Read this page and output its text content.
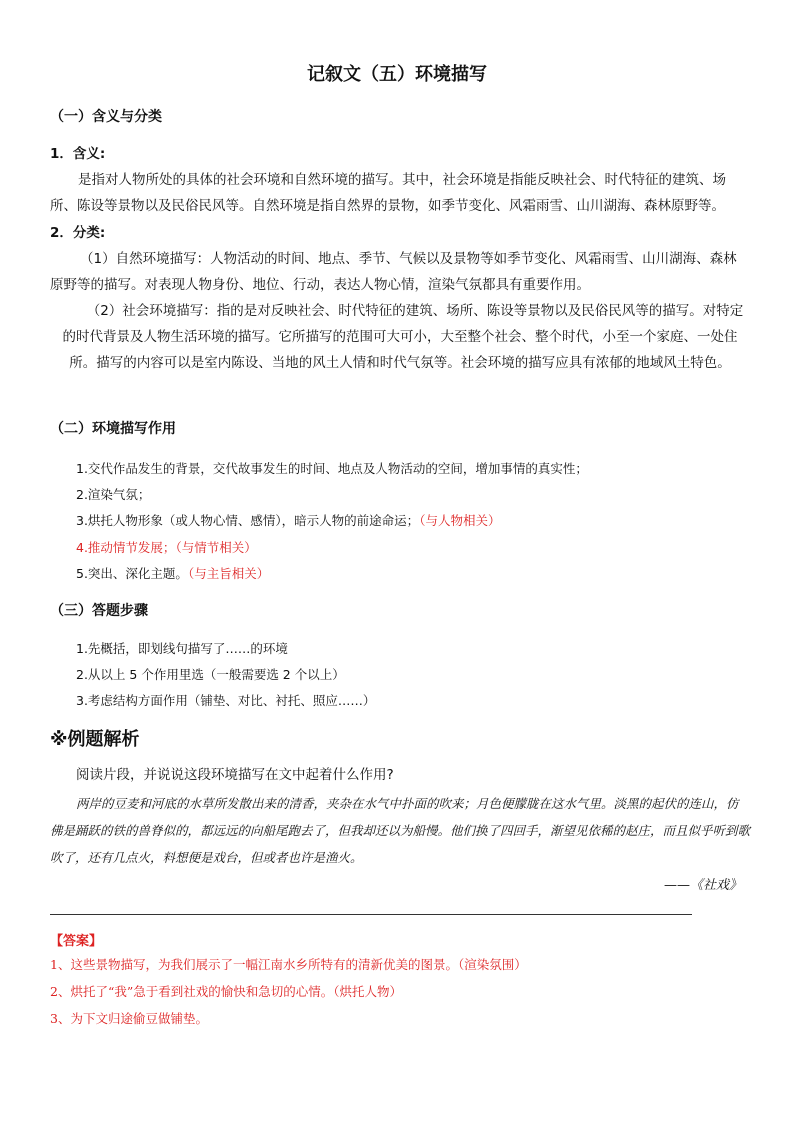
记叙文（五）环境描写
（一）含义与分类
1．含义:
是指对人物所处的具体的社会环境和自然环境的描写。其中，社会环境是指能反映社会、时代特征的建筑、场所、陈设等景物以及民俗民风等。自然环境是指自然界的景物，如季节变化、风霜雨雪、山川湖海、森林原野等。
2．分类:
（1）自然环境描写：人物活动的时间、地点、季节、气候以及景物等如季节变化、风霜雨雪、山川湖海、森林原野等的描写。对表现人物身份、地位、行动，表达人物心情，渲染气氛都具有重要作用。
（2）社会环境描写：指的是对反映社会、时代特征的建筑、场所、陈设等景物以及民俗民风等的描写。对特定的时代背景及人物生活环境的描写。它所描写的范围可大可小，大至整个社会、整个时代，小至一个家庭、一处住所。描写的内容可以是室内陈设、当地的风土人情和时代气氛等。社会环境的描写应具有浓郁的地域风土特色。
（二）环境描写作用
1.交代作品发生的背景，交代故事发生的时间、地点及人物活动的空间，增加事情的真实性；
2.渲染气氛；
3.烘托人物形象（或人物心情、感情），暗示人物的前途命运；（与人物相关）
4.推动情节发展；（与情节相关）
5.突出、深化主题。（与主旨相关）
（三）答题步骤
1.先概括，即划线句描写了……的环境
2.从以上 5 个作用里选（一般需要选 2 个以上）
3.考虑结构方面作用（铺垫、对比、衬托、照应……）
※例题解析
阅读片段，并说说这段环境描写在文中起着什么作用?
两岸的豆麦和河底的水草所发散出来的清香，夹杂在水气中扑面的吹来；月色便朦胧在这水气里。淡黑的起伏的连山，仿佛是踊跃的铁的兽脊似的，都远远的向船尾跑去了，但我却还以为船慢。他们换了四回手，渐望见依稀的赵庄，而且似乎听到歌吹了，还有几点火，料想便是戏台，但或者也许是渔火。
——《社戏》
【答案】
1、这些景物描写，为我们展示了一幅江南水乡所特有的清新优美的图景。（渲染氛围）
2、烘托了“我”急于看到社戏的愉快和急切的心情。（烘托人物）
3、为下文归途偷豆做铺垫。
